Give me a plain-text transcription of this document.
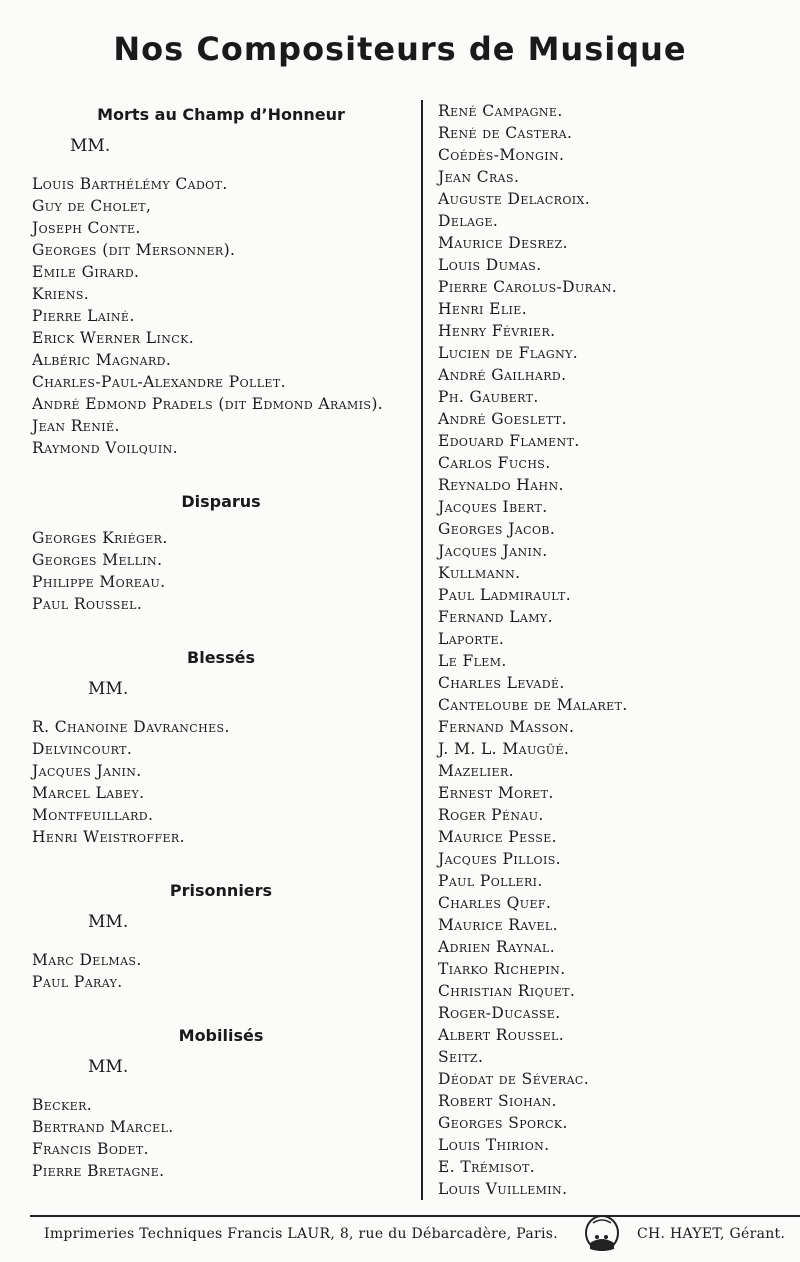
Nos Compositeurs de Musique
Morts au Champ d’Honneur
MM.
Louis Barthélémy Cadot.
Guy de Cholet,
Joseph Conte.
Georges (dit Mersonner).
Emile Girard.
Kriens.
Pierre Lainé.
Erick Werner Linck.
Albéric Magnard.
Charles-Paul-Alexandre Pollet.
André Edmond Pradels (dit Edmond Aramis).
Jean Renié.
Raymond Voilquin.
Disparus
Georges Kriéger.
Georges Mellin.
Philippe Moreau.
Paul Roussel.
Blessés
MM.
R. Chanoine Davranches.
Delvincourt.
Jacques Janin.
Marcel Labey.
Montfeuillard.
Henri Weistroffer.
Prisonniers
MM.
Marc Delmas.
Paul Paray.
Mobilisés
MM.
Becker.
Bertrand Marcel.
Francis Bodet.
Pierre Bretagne.
René Campagne.
René de Castera.
Coédès-Mongin.
Jean Cras.
Auguste Delacroix.
Delage.
Maurice Desrez.
Louis Dumas.
Pierre Carolus-Duran.
Henri Elie.
Henry Février.
Lucien de Flagny.
André Gailhard.
Ph. Gaubert.
André Goeslett.
Edouard Flament.
Carlos Fuchs.
Reynaldo Hahn.
Jacques Ibert.
Georges Jacob.
Jacques Janin.
Kullmann.
Paul Ladmirault.
Fernand Lamy.
Laporte.
Le Flem.
Charles Levadé.
Canteloube de Malaret.
Fernand Masson.
J. M. L. Maugüé.
Mazelier.
Ernest Moret.
Roger Pénau.
Maurice Pesse.
Jacques Pillois.
Paul Polleri.
Charles Quef.
Maurice Ravel.
Adrien Raynal.
Tiarko Richepin.
Christian Riquet.
Roger-Ducasse.
Albert Roussel.
Seitz.
Déodat de Séverac.
Robert Siohan.
Georges Sporck.
Louis Thirion.
E. Trémisot.
Louis Vuillemin.
Imprimeries Techniques Francis LAUR, 8, rue du Débarcadère, Paris.	CH. HAYET, Gérant.
